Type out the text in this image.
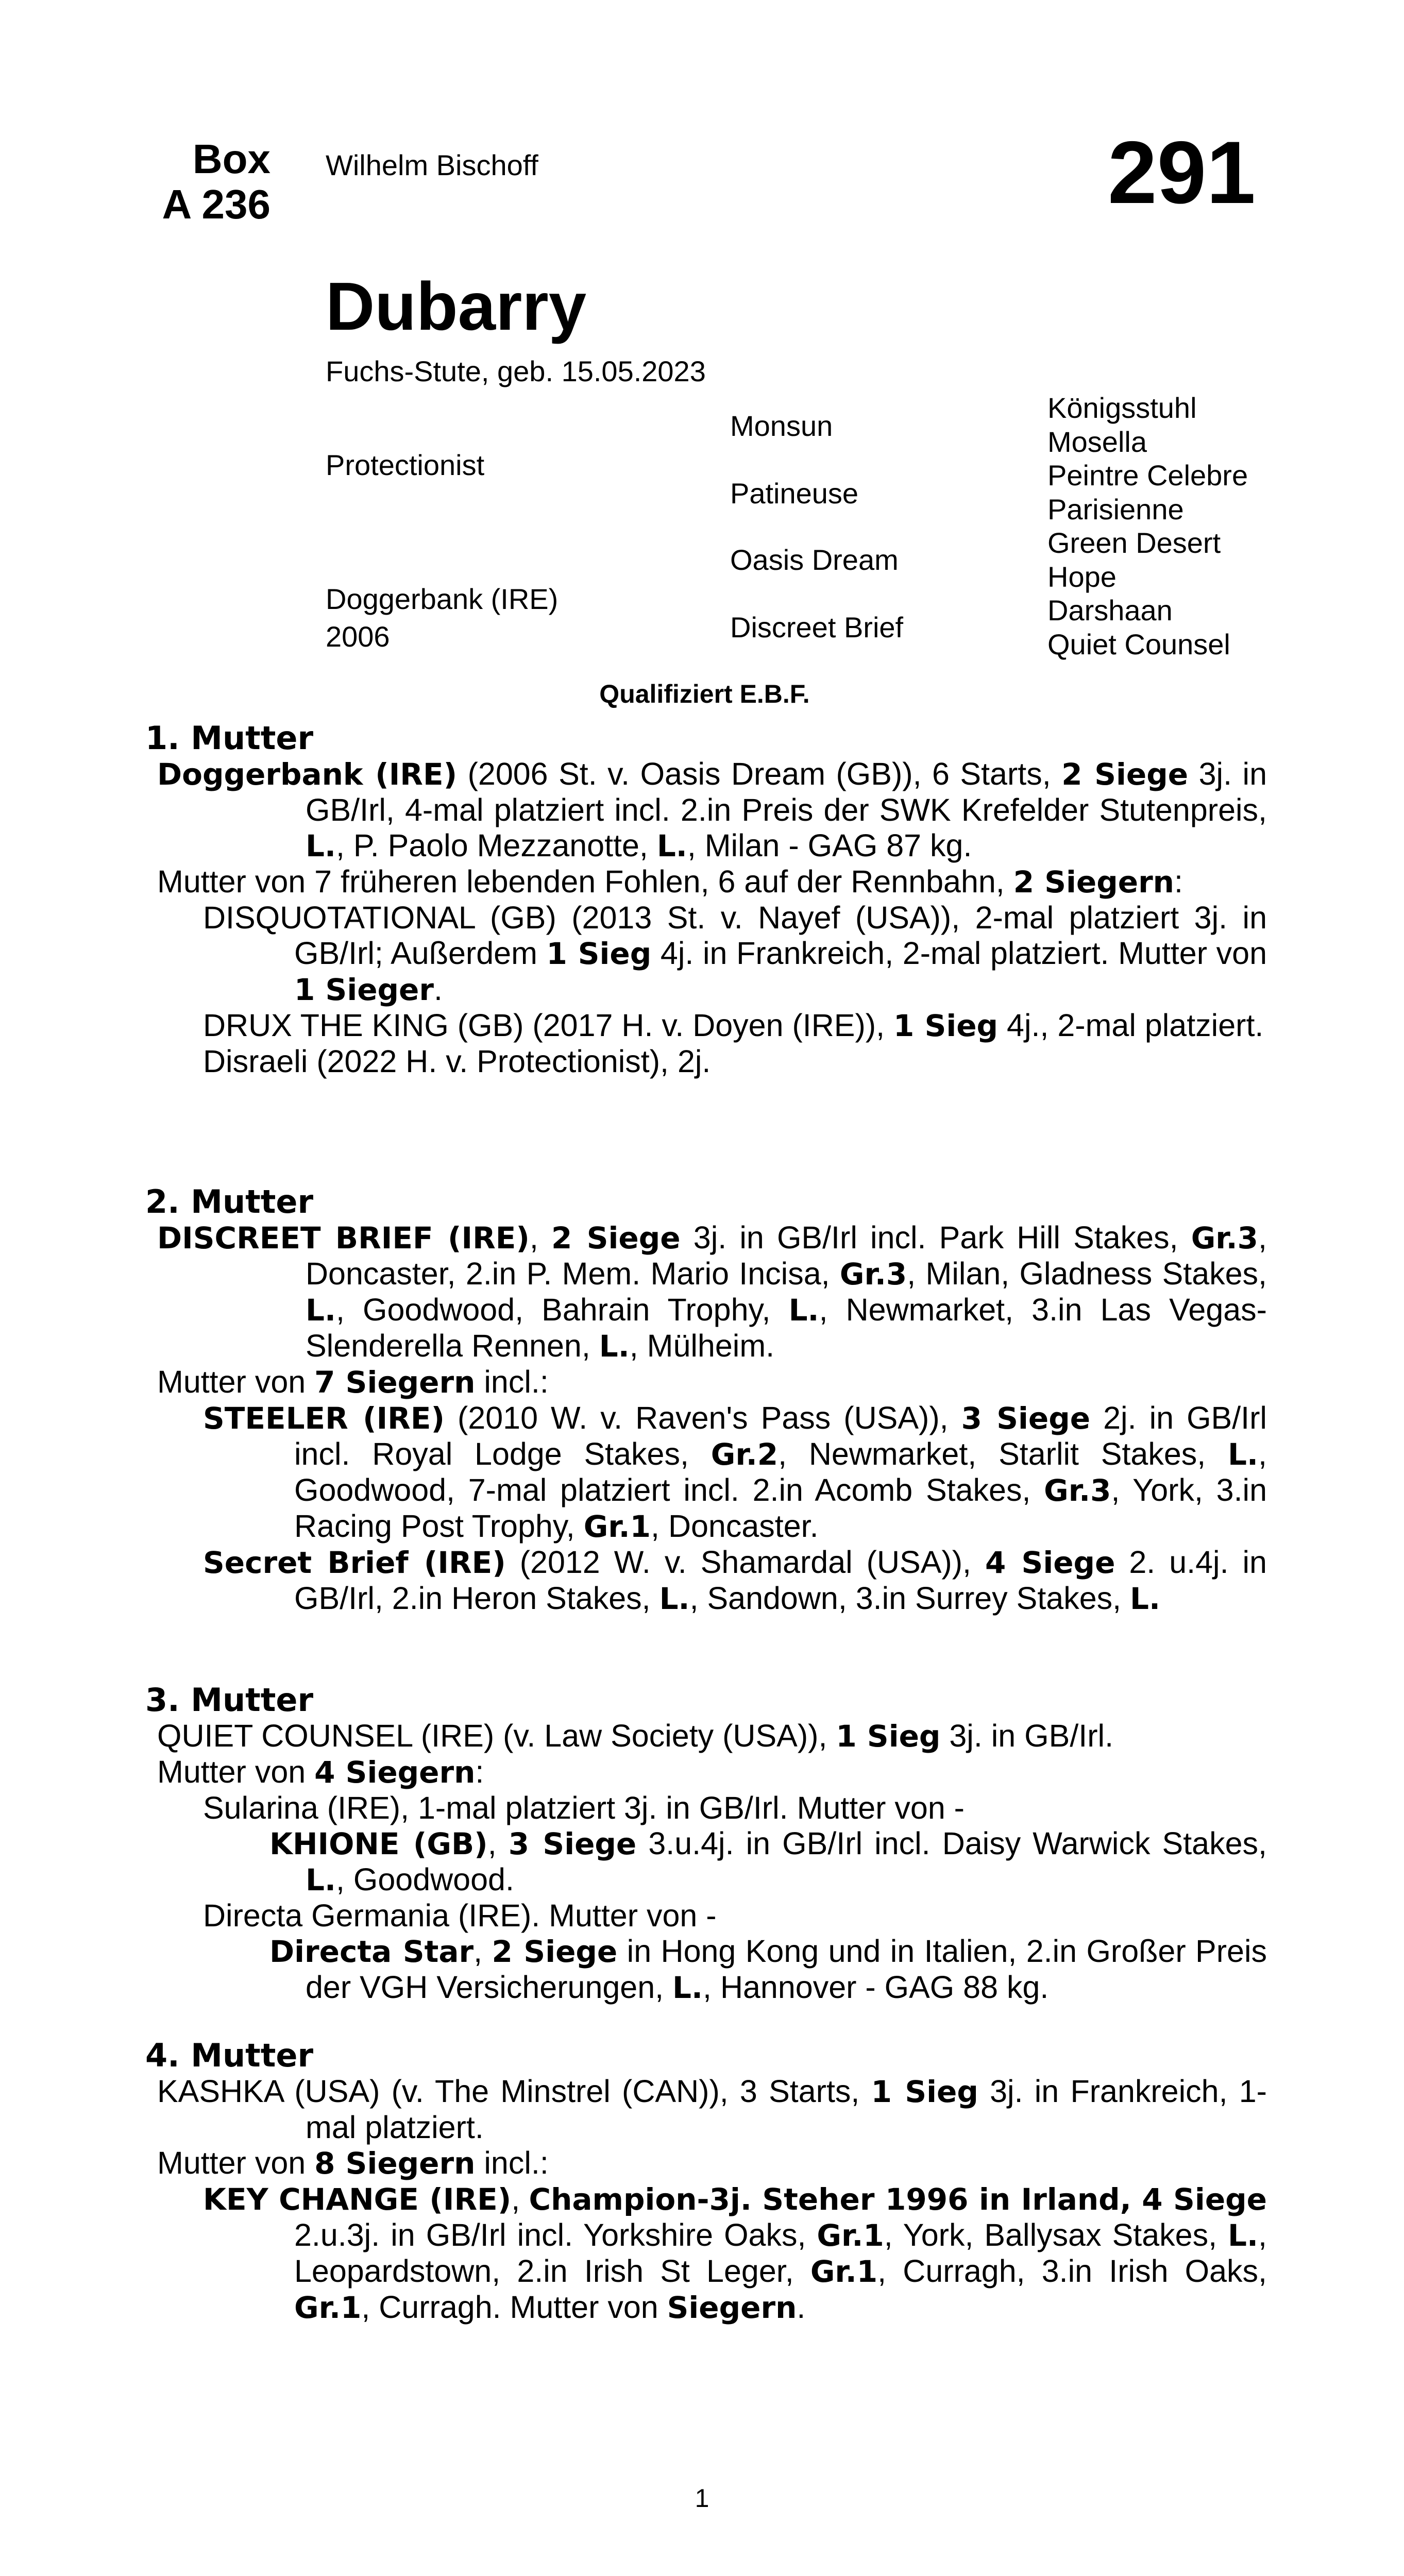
Box
A 236
Wilhelm Bischoff	291
Dubarry
Fuchs-Stute, geb. 15.05.2023
Protectionist
Doggerbank (IRE)
2006
Monsun
Patineuse
Oasis Dream
Discreet Brief
Königsstuhl
Mosella
Peintre Celebre
Parisienne
Green Desert
Hope
Darshaan
Quiet Counsel
Qualifiziert E.B.F.
1. Mutter

Doggerbank (IRE) (2006 St. v. Oasis Dream (GB)), 6 Starts, 2 Siege 3j. in GB/Irl, 4-mal platziert incl. 2.in Preis der SWK Krefelder Stutenpreis, L., P. Paolo Mezzanotte, L., Milan - GAG 87 kg.

Mutter von 7 früheren lebenden Fohlen, 6 auf der Rennbahn, 2 Siegern:

DISQUOTATIONAL (GB) (2013 St. v. Nayef (USA)), 2-mal platziert 3j. in GB/Irl; Außerdem 1 Sieg 4j. in Frankreich, 2-mal platziert. Mutter von 1 Sieger.

DRUX THE KING (GB) (2017 H. v. Doyen (IRE)), 1 Sieg 4j., 2-mal platziert.

Disraeli (2022 H. v. Protectionist), 2j.

2. Mutter

DISCREET BRIEF (IRE), 2 Siege 3j. in GB/Irl incl. Park Hill Stakes, Gr.3, Doncaster, 2.in P. Mem. Mario Incisa, Gr.3, Milan, Gladness Stakes, L., Goodwood, Bahrain Trophy, L., Newmarket, 3.in Las Vegas-Slenderella Rennen, L., Mülheim.

Mutter von 7 Siegern incl.:

STEELER (IRE) (2010 W. v. Raven's Pass (USA)), 3 Siege 2j. in GB/Irl incl. Royal Lodge Stakes, Gr.2, Newmarket, Starlit Stakes, L., Goodwood, 7-mal platziert incl. 2.in Acomb Stakes, Gr.3, York, 3.in Racing Post Trophy, Gr.1, Doncaster.

Secret Brief (IRE) (2012 W. v. Shamardal (USA)), 4 Siege 2. u.4j. in GB/Irl, 2.in Heron Stakes, L., Sandown, 3.in Surrey Stakes, L.

3. Mutter

QUIET COUNSEL (IRE) (v. Law Society (USA)), 1 Sieg 3j. in GB/Irl.

Mutter von 4 Siegern:

Sularina (IRE), 1-mal platziert 3j. in GB/Irl. Mutter von -

KHIONE (GB), 3 Siege 3.u.4j. in GB/Irl incl. Daisy Warwick Stakes, L., Goodwood.

Directa Germania (IRE). Mutter von -

Directa Star, 2 Siege in Hong Kong und in Italien, 2.in Großer Preis der VGH Versicherungen, L., Hannover - GAG 88 kg.

4. Mutter

KASHKA (USA) (v. The Minstrel (CAN)), 3 Starts, 1 Sieg 3j. in Frankreich, 1-mal platziert.

Mutter von 8 Siegern incl.:

KEY CHANGE (IRE), Champion-3j. Steher 1996 in Irland, 4 Siege 2.u.3j. in GB/Irl incl. Yorkshire Oaks, Gr.1, York, Ballysax Stakes, L., Leopardstown, 2.in Irish St Leger, Gr.1, Curragh, 3.in Irish Oaks, Gr.1, Curragh. Mutter von Siegern.

1
